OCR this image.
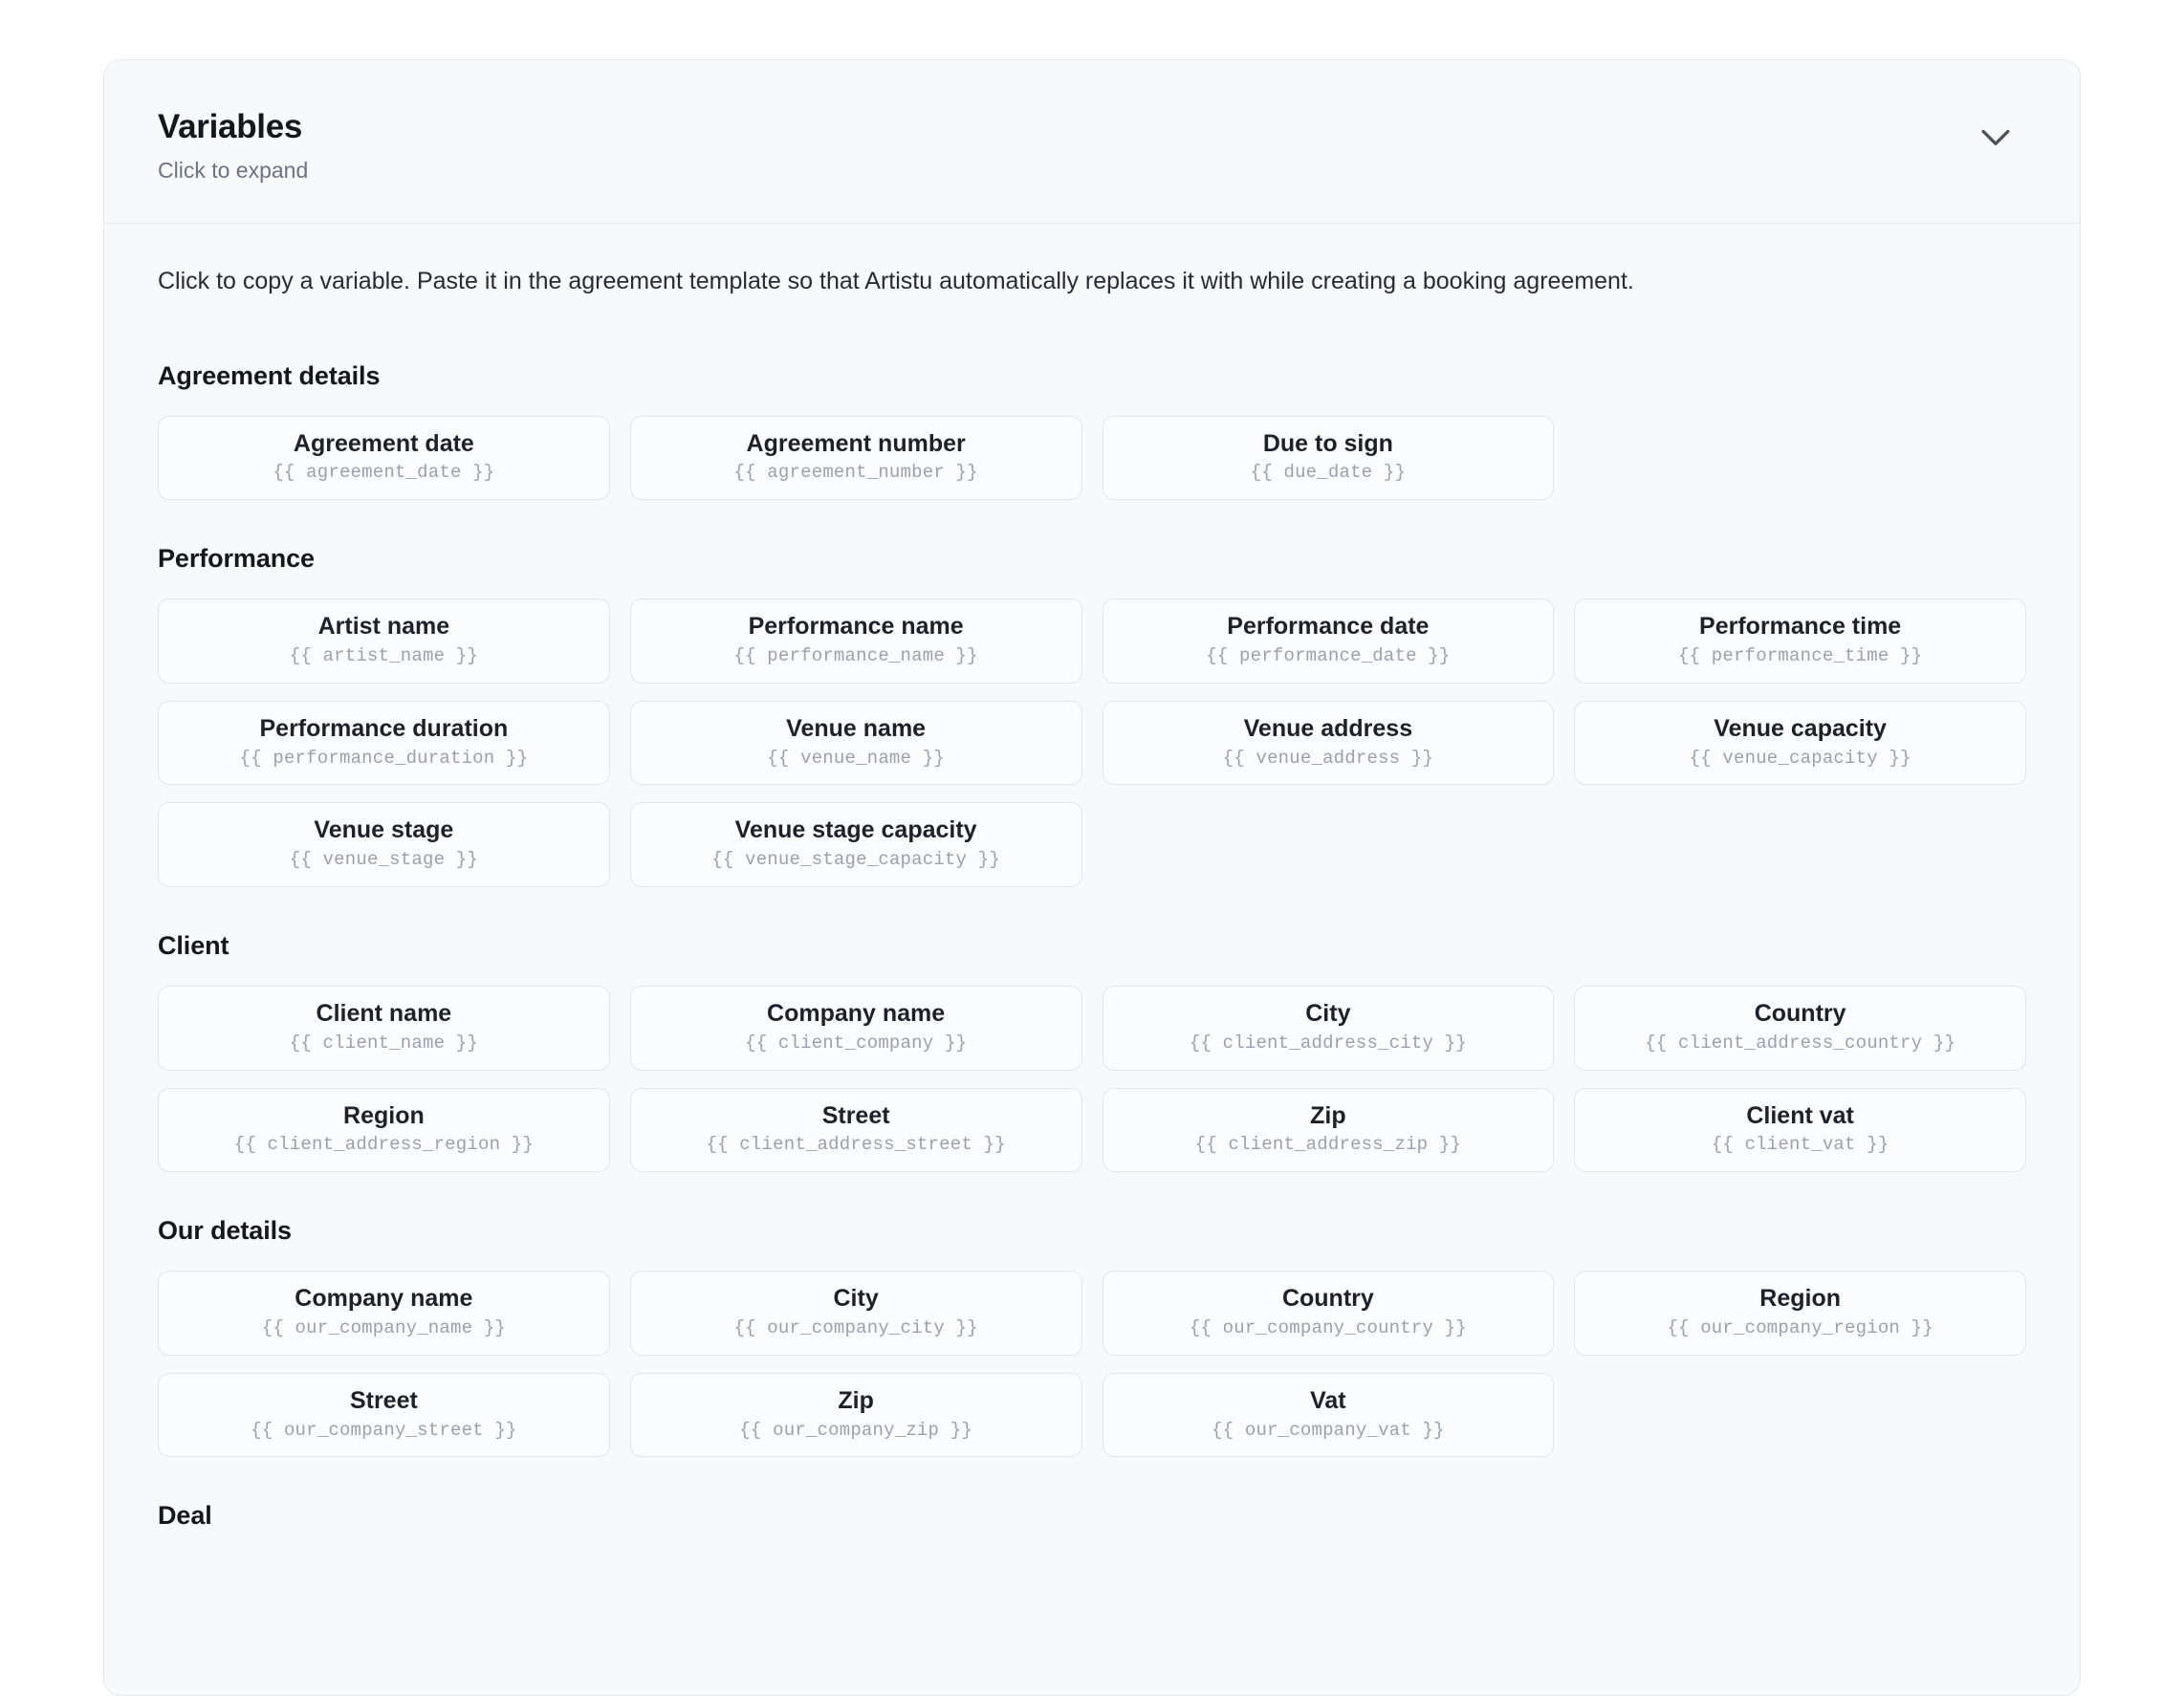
Variables
Click to expand

Click to copy a variable. Paste it in the agreement template so that Artistu automatically replaces it with while creating a booking agreement.

Agreement details
Agreement date
{{ agreement_date }}
Agreement number
{{ agreement_number }}
Due to sign
{{ due_date }}
Performance
Artist name
{{ artist_name }}
Performance name
{{ performance_name }}
Performance date
{{ performance_date }}
Performance time
{{ performance_time }}
Performance duration
{{ performance_duration }}
Venue name
{{ venue_name }}
Venue address
{{ venue_address }}
Venue capacity
{{ venue_capacity }}
Venue stage
{{ venue_stage }}
Venue stage capacity
{{ venue_stage_capacity }}
Client
Client name
{{ client_name }}
Company name
{{ client_company }}
City
{{ client_address_city }}
Country
{{ client_address_country }}
Region
{{ client_address_region }}
Street
{{ client_address_street }}
Zip
{{ client_address_zip }}
Client vat
{{ client_vat }}
Our details
Company name
{{ our_company_name }}
City
{{ our_company_city }}
Country
{{ our_company_country }}
Region
{{ our_company_region }}
Street
{{ our_company_street }}
Zip
{{ our_company_zip }}
Vat
{{ our_company_vat }}
Deal
